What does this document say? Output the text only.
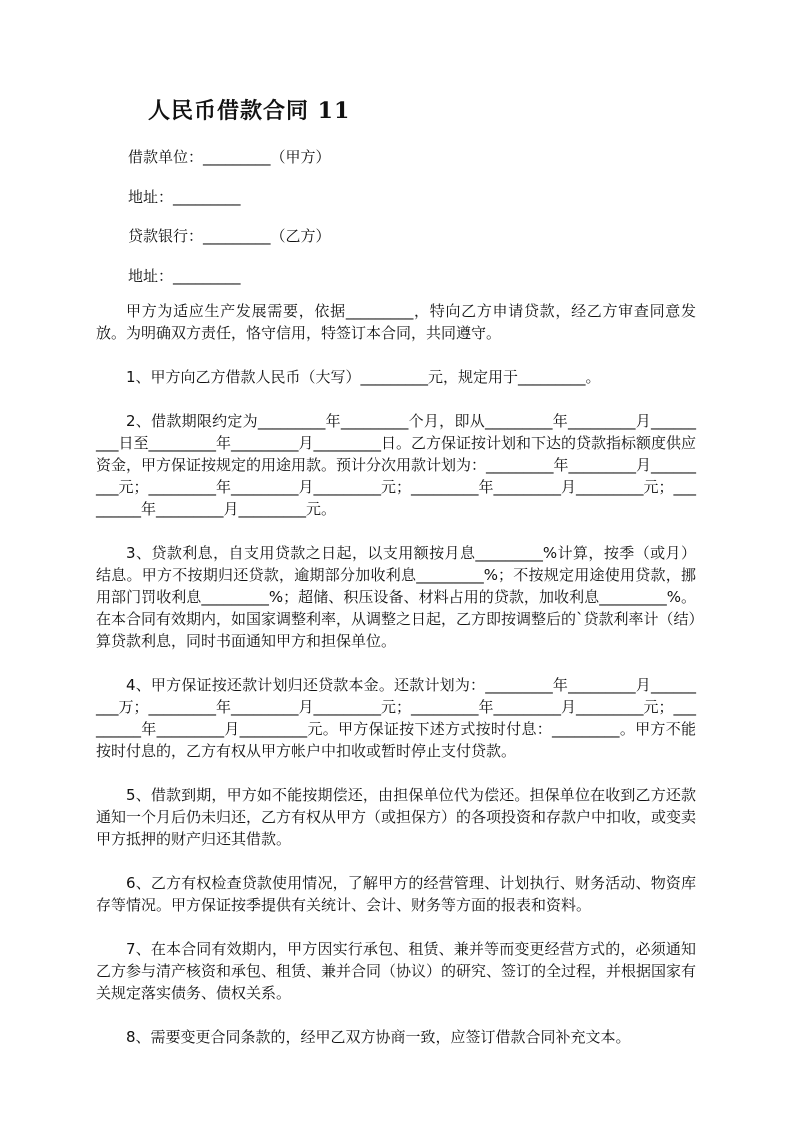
人民币借款合同 11
借款单位：_________（甲方）
地址：_________
贷款银行：_________（乙方）
地址：_________

甲方为适应生产发展需要，依据_________，特向乙方申请贷款，经乙方审查同意发放。为明确双方责任，恪守信用，特签订本合同，共同遵守。

1、甲方向乙方借款人民币（大写）_________元，规定用于_________。

2、借款期限约定为_________年_________个月，即从_________年_________月_________日至_________年_________月_________日。乙方保证按计划和下达的贷款指标额度供应资金，甲方保证按规定的用途用款。预计分次用款计划为：_________年_________月_________元；_________年_________月_________元；_________年_________月_________元；_________年_________月_________元。

3、贷款利息，自支用贷款之日起，以支用额按月息_________%计算，按季（或月）结息。甲方不按期归还贷款，逾期部分加收利息_________%；不按规定用途使用贷款，挪用部门罚收利息_________%；超储、积压设备、材料占用的贷款，加收利息_________%。在本合同有效期内，如国家调整利率，从调整之日起，乙方即按调整后的`贷款利率计（结）算贷款利息，同时书面通知甲方和担保单位。

4、甲方保证按还款计划归还贷款本金。还款计划为：_________年_________月_________万；_________年_________月_________元；_________年_________月_________元；_________年_________月_________元。甲方保证按下述方式按时付息：_________。甲方不能按时付息的，乙方有权从甲方帐户中扣收或暂时停止支付贷款。

5、借款到期，甲方如不能按期偿还，由担保单位代为偿还。担保单位在收到乙方还款通知一个月后仍未归还，乙方有权从甲方（或担保方）的各项投资和存款户中扣收，或变卖甲方抵押的财产归还其借款。

6、乙方有权检查贷款使用情况，了解甲方的经营管理、计划执行、财务活动、物资库存等情况。甲方保证按季提供有关统计、会计、财务等方面的报表和资料。

7、在本合同有效期内，甲方因实行承包、租赁、兼并等而变更经营方式的，必须通知乙方参与清产核资和承包、租赁、兼并合同（协议）的研究、签订的全过程，并根据国家有关规定落实债务、债权关系。

8、需要变更合同条款的，经甲乙双方协商一致，应签订借款合同补充文本。
